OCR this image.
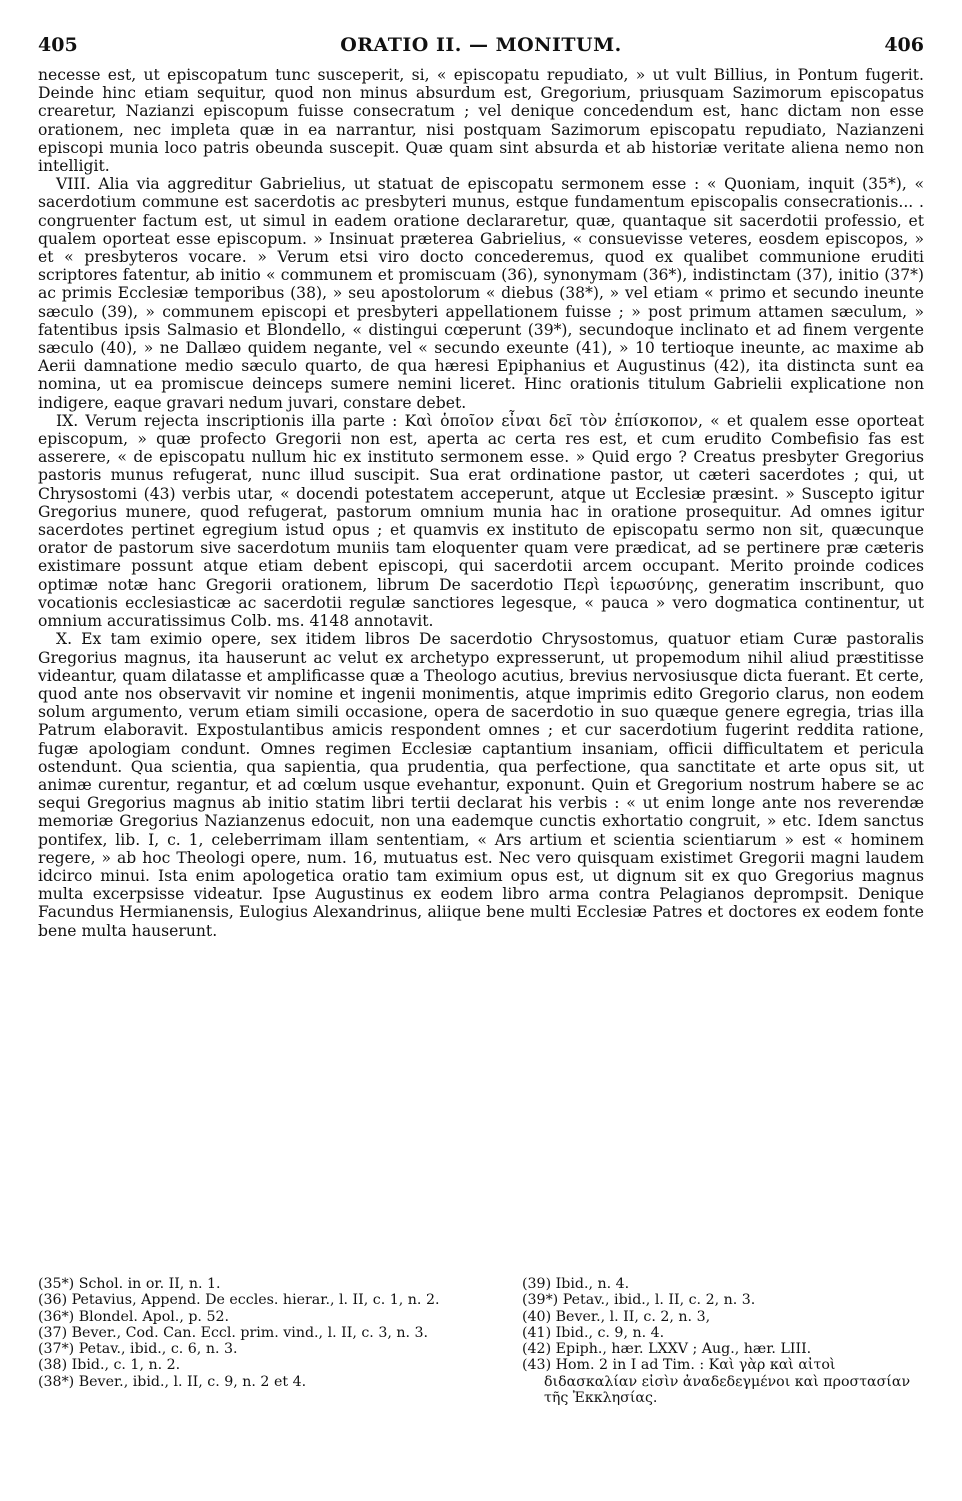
405	ORATIO II. — MONITUM.	406

necesse est, ut episcopatum tunc susceperit, si, « episcopatu repudiato, » ut vult Billius, in Pontum fugerit. Deinde hinc etiam sequitur, quod non minus absurdum est, Gregorium, priusquam Sazimorum episcopatus crearetur, Nazianzi episcopum fuisse consecratum ; vel denique concedendum est, hanc dictam non esse orationem, nec impleta quæ in ea narrantur, nisi postquam Sazimorum episcopatu repudiato, Nazianzeni episcopi munia loco patris obeunda suscepit. Quæ quam sint absurda et ab historiæ veritate aliena nemo non intelligit.

VIII. Alia via aggreditur Gabrielius, ut statuat de episcopatu sermonem esse : « Quoniam, inquit (35*), « sacerdotium commune est sacerdotis ac presbyteri munus, estque fundamentum episcopalis consecrationis... . congruenter factum est, ut simul in eadem oratione declararetur, quæ, quantaque sit sacerdotii professio, et qualem oporteat esse episcopum. » Insinuat præterea Gabrielius, « consuevisse veteres, eosdem episcopos, » et « presbyteros vocare. » Verum etsi viro docto concederemus, quod ex qualibet communione eruditi scriptores fatentur, ab initio « communem et promiscuam (36), synonymam (36*), indistinctam (37), initio (37*) ac primis Ecclesiæ temporibus (38), » seu apostolorum « diebus (38*), » vel etiam « primo et secundo ineunte sæculo (39), » communem episcopi et presbyteri appellationem fuisse ; » post primum attamen sæculum, » fatentibus ipsis Salmasio et Blondello, « distingui cœperunt (39*), secundoque inclinato et ad finem vergente sæculo (40), » ne Dallæo quidem negante, vel « secundo exeunte (41), » 10 tertioque ineunte, ac maxime ab Aerii damnatione medio sæculo quarto, de qua hæresi Epiphanius et Augustinus (42), ita distincta sunt ea nomina, ut ea promiscue deinceps sumere nemini liceret. Hinc orationis titulum Gabrielii explicatione non indigere, eaque gravari nedum juvari, constare debet.

IX. Verum rejecta inscriptionis illa parte : Καὶ ὁποῖον εἶναι δεῖ τὸν ἐπίσκοπον, « et qualem esse oporteat episcopum, » quæ profecto Gregorii non est, aperta ac certa res est, et cum erudito Combefisio fas est asserere, « de episcopatu nullum hic ex instituto sermonem esse. » Quid ergo ? Creatus presbyter Gregorius pastoris munus refugerat, nunc illud suscipit. Sua erat ordinatione pastor, ut cæteri sacerdotes ; qui, ut Chrysostomi (43) verbis utar, « docendi potestatem acceperunt, atque ut Ecclesiæ præsint. » Suscepto igitur Gregorius munere, quod refugerat, pastorum omnium munia hac in oratione prosequitur. Ad omnes igitur sacerdotes pertinet egregium istud opus ; et quamvis ex instituto de episcopatu sermo non sit, quæcunque orator de pastorum sive sacerdotum muniis tam eloquenter quam vere prædicat, ad se pertinere præ cæteris existimare possunt atque etiam debent episcopi, qui sacerdotii arcem occupant. Merito proinde codices optimæ notæ hanc Gregorii orationem, librum De sacerdotio Περὶ ἱερωσύνης, generatim inscribunt, quo vocationis ecclesiasticæ ac sacerdotii regulæ sanctiores legesque, « pauca » vero dogmatica continentur, ut omnium accuratissimus Colb. ms. 4148 annotavit.

X. Ex tam eximio opere, sex itidem libros De sacerdotio Chrysostomus, quatuor etiam Curæ pastoralis Gregorius magnus, ita hauserunt ac velut ex archetypo expresserunt, ut propemodum nihil aliud præstitisse videantur, quam dilatasse et amplificasse quæ a Theologo acutius, brevius nervosiusque dicta fuerant. Et certe, quod ante nos observavit vir nomine et ingenii monimentis, atque imprimis edito Gregorio clarus, non eodem solum argumento, verum etiam simili occasione, opera de sacerdotio in suo quæque genere egregia, trias illa Patrum elaboravit. Expostulantibus amicis respondent omnes ; et cur sacerdotium fugerint reddita ratione, fugæ apologiam condunt. Omnes regimen Ecclesiæ captantium insaniam, officii difficultatem et pericula ostendunt. Qua scientia, qua sapientia, qua prudentia, qua perfectione, qua sanctitate et arte opus sit, ut animæ curentur, regantur, et ad cœlum usque evehantur, exponunt. Quin et Gregorium nostrum habere se ac sequi Gregorius magnus ab initio statim libri tertii declarat his verbis : « ut enim longe ante nos reverendæ memoriæ Gregorius Nazianzenus edocuit, non una eademque cunctis exhortatio congruit, » etc. Idem sanctus pontifex, lib. I, c. 1, celeberrimam illam sententiam, « Ars artium et scientia scientiarum » est « hominem regere, » ab hoc Theologi opere, num. 16, mutuatus est. Nec vero quisquam existimet Gregorii magni laudem idcirco minui. Ista enim apologetica oratio tam eximium opus est, ut dignum sit ex quo Gregorius magnus multa excerpsisse videatur. Ipse Augustinus ex eodem libro arma contra Pelagianos deprompsit. Denique Facundus Hermianensis, Eulogius Alexandrinus, aliique bene multi Ecclesiæ Patres et doctores ex eodem fonte bene multa hauserunt.

(35*) Schol. in or. II, n. 1.
(36) Petavius, Append. De eccles. hierar., l. II, c. 1, n. 2.
(36*) Blondel. Apol., p. 52.
(37) Bever., Cod. Can. Eccl. prim. vind., l. II, c. 3, n. 3.
(37*) Petav., ibid., c. 6, n. 3.
(38) Ibid., c. 1, n. 2.
(38*) Bever., ibid., l. II, c. 9, n. 2 et 4.
(39) Ibid., n. 4.
(39*) Petav., ibid., l. II, c. 2, n. 3.
(40) Bever., l. II, c. 2, n. 3,
(41) Ibid., c. 9, n. 4.
(42) Epiph., hær. LXXV ; Aug., hær. LIII.
(43) Hom. 2 in I ad Tim. : Καὶ γὰρ καὶ αἰτοὶ διδασκαλίαν εἰσὶν ἀναδεδεγμένοι καὶ προστασίαν τῆς Ἐκκλησίας.
